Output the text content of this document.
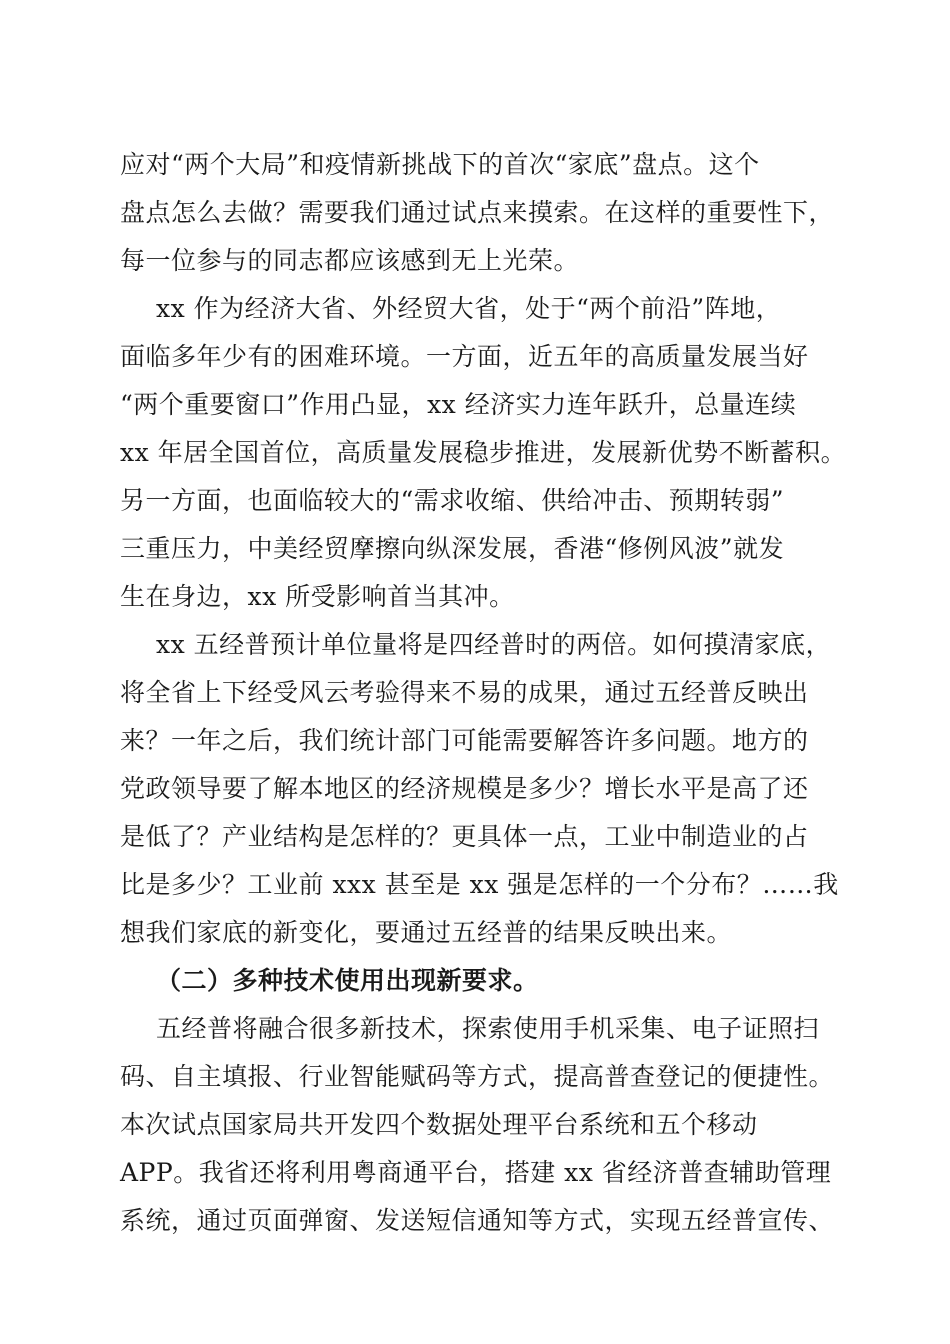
应对“两个大局”和疫情新挑战下的首次“家底”盘点。这个
盘点怎么去做？需要我们通过试点来摸索。在这样的重要性下，
每一位参与的同志都应该感到无上光荣。
xx 作为经济大省、外经贸大省，处于“两个前沿”阵地，
面临多年少有的困难环境。一方面，近五年的高质量发展当好
“两个重要窗口”作用凸显，xx 经济实力连年跃升，总量连续
xx 年居全国首位，高质量发展稳步推进，发展新优势不断蓄积。
另一方面，也面临较大的“需求收缩、供给冲击、预期转弱”
三重压力，中美经贸摩擦向纵深发展，香港“修例风波”就发
生在身边，xx 所受影响首当其冲。
xx 五经普预计单位量将是四经普时的两倍。如何摸清家底，
将全省上下经受风云考验得来不易的成果，通过五经普反映出
来？一年之后，我们统计部门可能需要解答许多问题。地方的
党政领导要了解本地区的经济规模是多少？增长水平是高了还
是低了？产业结构是怎样的？更具体一点，工业中制造业的占
比是多少？工业前 xxx 甚至是 xx 强是怎样的一个分布？……我
想我们家底的新变化，要通过五经普的结果反映出来。
（二）多种技术使用出现新要求。
五经普将融合很多新技术，探索使用手机采集、电子证照扫
码、自主填报、行业智能赋码等方式，提高普查登记的便捷性。
本次试点国家局共开发四个数据处理平台系统和五个移动
APP。我省还将利用粤商通平台，搭建 xx 省经济普查辅助管理
系统，通过页面弹窗、发送短信通知等方式，实现五经普宣传、
